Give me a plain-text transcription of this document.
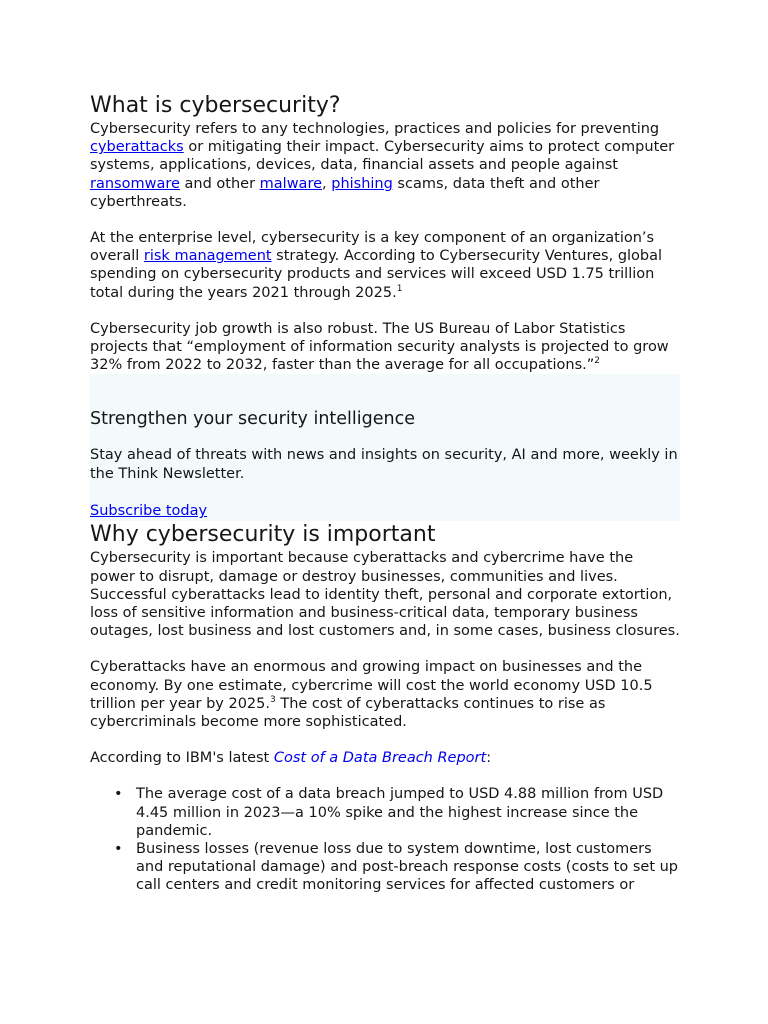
What is cybersecurity?

Cybersecurity refers to any technologies, practices and policies for preventing cyberattacks or mitigating their impact. Cybersecurity aims to protect computer systems, applications, devices, data, financial assets and people against ransomware and other malware, phishing scams, data theft and other cyberthreats.

At the enterprise level, cybersecurity is a key component of an organization’s overall risk management strategy. According to Cybersecurity Ventures, global spending on cybersecurity products and services will exceed USD 1.75 trillion total during the years 2021 through 2025.$^1$

Cybersecurity job growth is also robust. The US Bureau of Labor Statistics projects that “employment of information security analysts is projected to grow 32% from 2022 to 2032, faster than the average for all occupations.”$^2$

Strengthen your security intelligence

Stay ahead of threats with news and insights on security, AI and more, weekly in the Think Newsletter.

Subscribe today
Why cybersecurity is important

Cybersecurity is important because cyberattacks and cybercrime have the power to disrupt, damage or destroy businesses, communities and lives. Successful cyberattacks lead to identity theft, personal and corporate extortion, loss of sensitive information and business-critical data, temporary business outages, lost business and lost customers and, in some cases, business closures.

Cyberattacks have an enormous and growing impact on businesses and the economy. By one estimate, cybercrime will cost the world economy USD 10.5 trillion per year by 2025.$^3$ The cost of cyberattacks continues to rise as cybercriminals become more sophisticated.

According to IBM's latest Cost of a Data Breach Report:

• The average cost of a data breach jumped to USD 4.88 million from USD 4.45 million in 2023—a 10% spike and the highest increase since the pandemic.
• Business losses (revenue loss due to system downtime, lost customers and reputational damage) and post-breach response costs (costs to set up call centers and credit monitoring services for affected customers or
